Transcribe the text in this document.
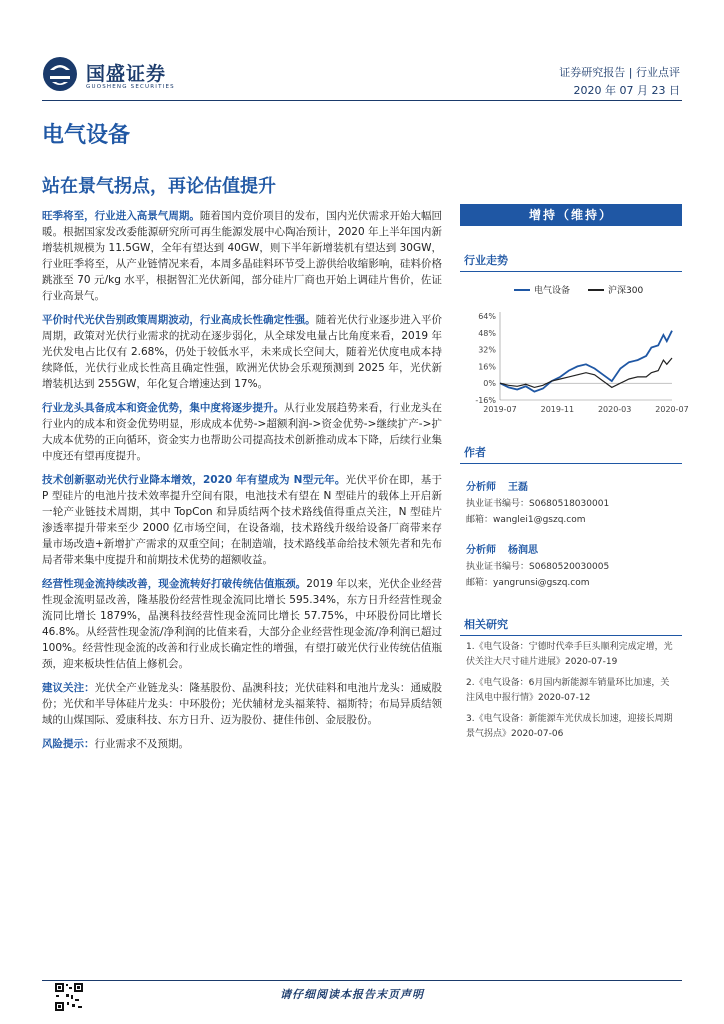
国盛证券
GUOSHENG SECURITIES
证券研究报告 | 行业点评
2020 年 07 月 23 日
电气设备
站在景气拐点，再论估值提升

旺季将至，行业进入高景气周期。随着国内竞价项目的发布，国内光伏需求开始大幅回暖。根据国家发改委能源研究所可再生能源发展中心陶冶预计，2020 年上半年国内新增装机规模为 11.5GW，全年有望达到 40GW，则下半年新增装机有望达到 30GW，行业旺季将至，从产业链情况来看，本周多晶硅料环节受上游供给收缩影响，硅料价格跳涨至 70 元/kg 水平，根据智汇光伏新闻，部分硅片厂商也开始上调硅片售价，佐证行业高景气。

平价时代光伏告别政策周期波动，行业高成长性确定性强。随着光伏行业逐步进入平价周期，政策对光伏行业需求的扰动在逐步弱化，从全球发电量占比角度来看，2019 年光伏发电占比仅有 2.68%，仍处于较低水平，未来成长空间大，随着光伏度电成本持续降低，光伏行业成长性高且确定性强，欧洲光伏协会乐观预测到 2025 年，光伏新增装机达到 255GW，年化复合增速达到 17%。

行业龙头具备成本和资金优势，集中度将逐步提升。从行业发展趋势来看，行业龙头在行业内的成本和资金优势明显，形成成本优势->超额利润->资金优势->继续扩产->扩大成本优势的正向循环，资金实力也帮助公司提高技术创新推动成本下降，后续行业集中度还有望再度提升。

技术创新驱动光伏行业降本增效，2020 年有望成为 N型元年。光伏平价在即，基于 P 型硅片的电池片技术效率提升空间有限，电池技术有望在 N 型硅片的载体上开启新一轮产业链技术周期，其中 TopCon 和异质结两个技术路线值得重点关注，N 型硅片渗透率提升带来至少 2000 亿市场空间，在设备端，技术路线升级给设备厂商带来存量市场改造+新增扩产需求的双重空间；在制造端，技术路线革命给技术领先者和先布局者带来集中度提升和前期技术优势的超额收益。

经营性现金流持续改善，现金流转好打破传统估值瓶颈。2019 年以来，光伏企业经营性现金流明显改善，隆基股份经营性现金流同比增长 595.34%，东方日升经营性现金流同比增长 1879%，晶澳科技经营性现金流同比增长 57.75%，中环股份同比增长 46.8%。从经营性现金流/净利润的比值来看，大部分企业经营性现金流/净利润已超过 100%。经营性现金流的改善和行业成长确定性的增强，有望打破光伏行业传统估值瓶颈，迎来板块性估值上修机会。

建议关注：光伏全产业链龙头：隆基股份、晶澳科技；光伏硅料和电池片龙头：通威股份；光伏和半导体硅片龙头：中环股份；光伏辅材龙头福莱特、福斯特；布局异质结领域的山煤国际、爱康科技、东方日升、迈为股份、捷佳伟创、金辰股份。

风险提示：行业需求不及预期。

增持（维持）
行业走势
电气设备	沪深300
64%
48%
32%
16%
0%
-16%
2019-07	2019-11	2020-03	2020-07
作者
分析师 王磊
执业证书编号：S0680518030001
邮箱：wanglei1@gszq.com
分析师 杨润思
执业证书编号：S0680520030005
邮箱：yangrunsi@gszq.com
相关研究
1.《电气设备：宁德时代牵手巨头顺利完成定增，光伏关注大尺寸硅片进展》2020-07-19
2.《电气设备：6月国内新能源车销量环比加速，关注风电中报行情》2020-07-12
3.《电气设备：新能源车光伏成长加速，迎接长周期景气拐点》2020-07-06
请仔细阅读本报告末页声明
